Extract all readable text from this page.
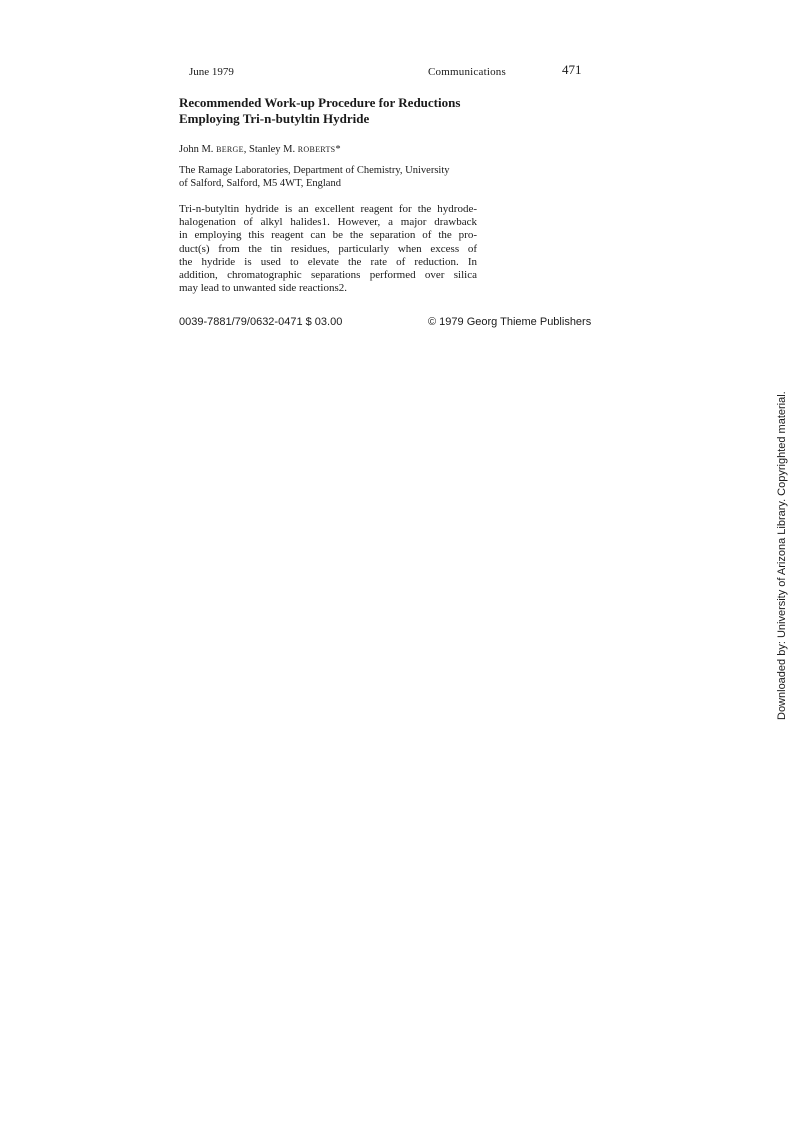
June 1979	Communications	471
Recommended Work-up Procedure for Reductions
Employing Tri-n-butyltin Hydride
John M. BERGE, Stanley M. ROBERTS*
The Ramage Laboratories, Department of Chemistry, University
of Salford, Salford, M5 4WT, England
Tri-n-butyltin hydride is an excellent reagent for the hydrode-
halogenation of alkyl halides1. However, a major drawback
in employing this reagent can be the separation of the pro-
duct(s) from the tin residues, particularly when excess of
the hydride is used to elevate the rate of reduction. In
addition, chromatographic separations performed over silica
may lead to unwanted side reactions2.
0039-7881/79/0632-0471 $ 03.00	© 1979 Georg Thieme Publishers
Downloaded by: University of Arizona Library. Copyrighted material.
